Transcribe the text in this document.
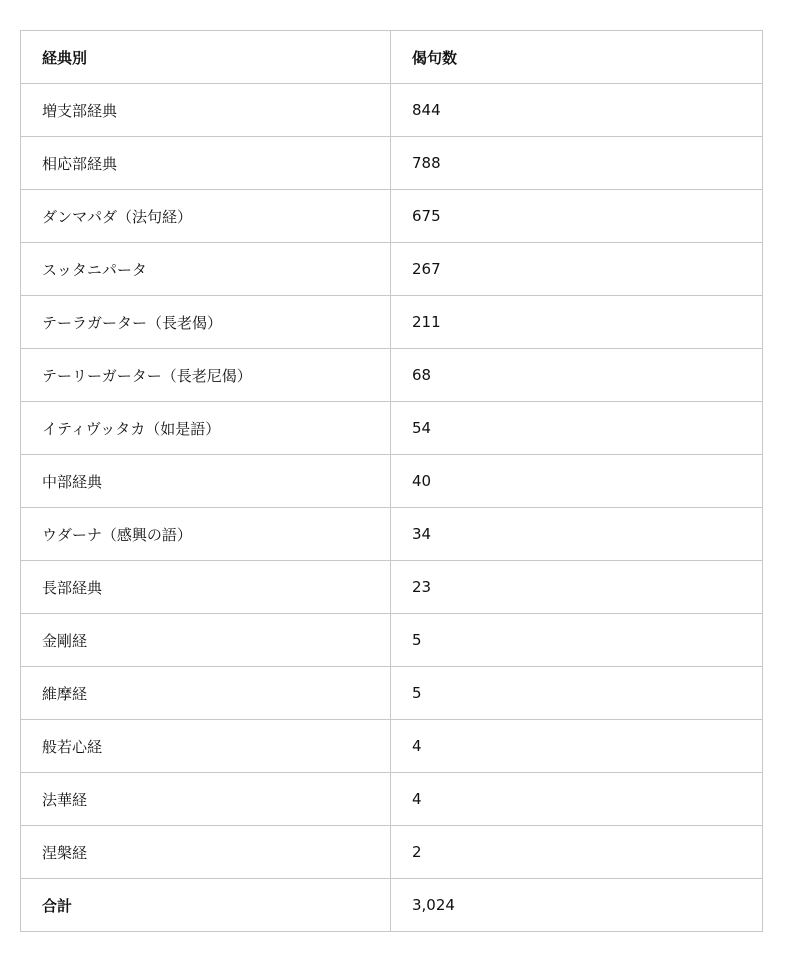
経典別	偈句数
増支部経典	844
相応部経典	788
ダンマパダ（法句経）	675
スッタニパータ	267
テーラガーター（長老偈）	211
テーリーガーター（長老尼偈）	68
イティヴッタカ（如是語）	54
中部経典	40
ウダーナ（感興の語）	34
長部経典	23
金剛経	5
維摩経	5
般若心経	4
法華経	4
涅槃経	2
合計	3,024
